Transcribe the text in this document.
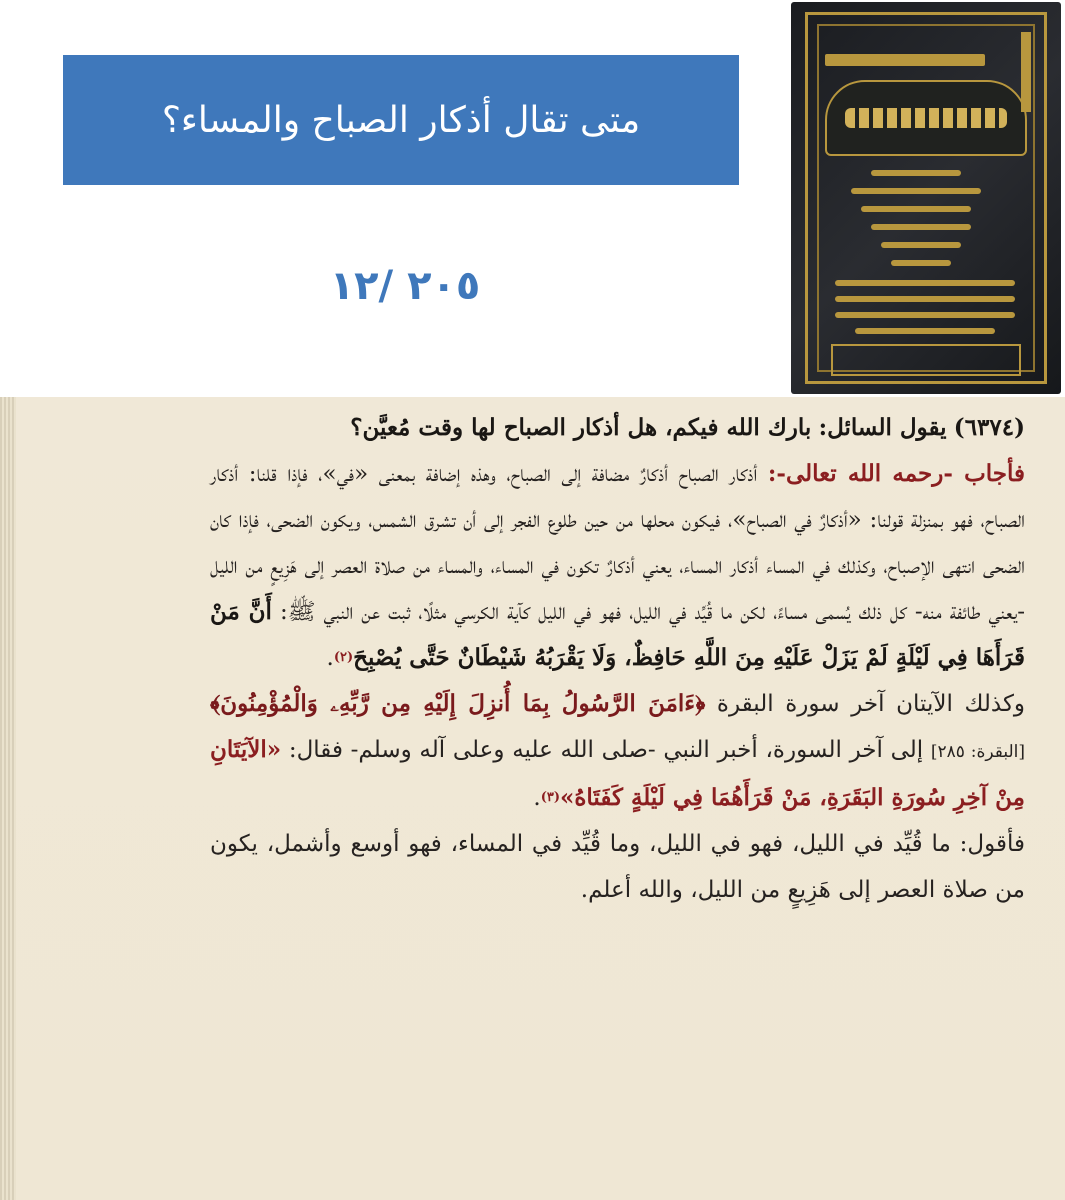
متى تقال أذكار الصباح والمساء؟
٢٠٥ /١٢

(٦٣٧٤) يقول السائل: بارك الله فيكم، هل أذكار الصباح لها وقت مُعيَّن؟

فأجاب -رحمه الله تعالى-: أذكار الصباح أذكارٌ مضافة إلى الصباح، وهذه إضافة بمعنى «في»، فإذا قلنا: أذكار الصباح، فهو بمنزلة قولنا: «أذكارٌ في الصباح»، فيكون محلها من حين طلوع الفجر إلى أن تشرق الشمس، ويكون الضحى، فإذا كان الضحى انتهى الإصباح، وكذلك في المساء أذكار المساء، يعني أذكارٌ تكون في المساء، والمساء من صلاة العصر إلى هَزِيعٍ من الليل -يعني طائفة منه- كل ذلك يُسمى مساءً، لكن ما قُيِّد في الليل، فهو في الليل كآية الكرسي مثلًا، ثبت عن النبي ﷺ: أَنَّ مَنْ قَرَأَهَا فِي لَيْلَةٍ لَمْ يَزَلْ عَلَيْهِ مِنَ اللَّهِ حَافِظٌ، وَلَا يَقْرَبُهُ شَيْطَانٌ حَتَّى يُصْبِحَ$^{(٢)}$.

وكذلك الآيتان آخر سورة البقرة ﴿ءَامَنَ الرَّسُولُ بِمَا أُنزِلَ إِلَيْهِ مِن رَّبِّهِۦ وَالْمُؤْمِنُونَ﴾ [البقرة: ٢٨٥] إلى آخر السورة، أخبر النبي -صلى الله عليه وعلى آله وسلم- فقال: «الآيَتَانِ مِنْ آخِرِ سُورَةِ البَقَرَةِ، مَنْ قَرَأَهُمَا فِي لَيْلَةٍ كَفَتَاهُ»$^{(٣)}$.

فأقول: ما قُيِّد في الليل، فهو في الليل، وما قُيِّد في المساء، فهو أوسع وأشمل، يكون من صلاة العصر إلى هَزِيعٍ من الليل، والله أعلم.
